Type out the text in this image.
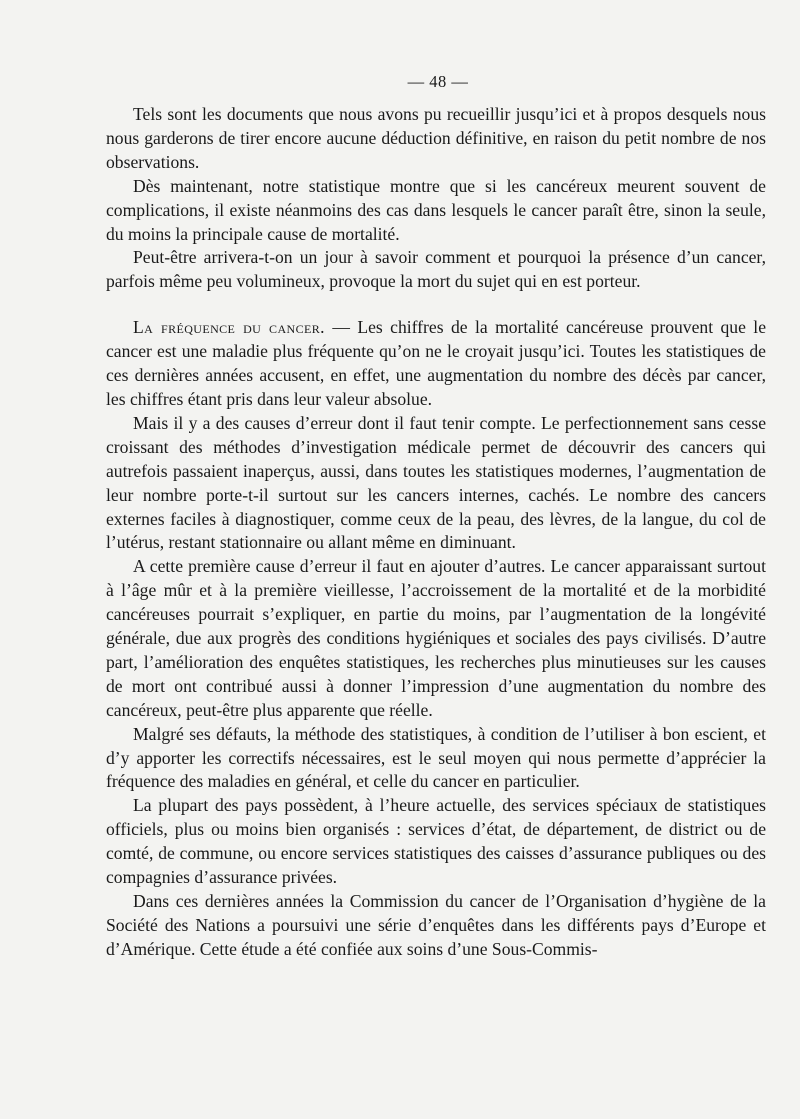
— 48 —

Tels sont les documents que nous avons pu recueillir jusqu’ici et à propos desquels nous nous garderons de tirer encore aucune déduction définitive, en raison du petit nombre de nos observations.

Dès maintenant, notre statistique montre que si les cancéreux meurent souvent de complications, il existe néanmoins des cas dans lesquels le cancer paraît être, sinon la seule, du moins la principale cause de mortalité.

Peut-être arrivera-t-on un jour à savoir comment et pourquoi la présence d’un cancer, parfois même peu volumineux, provoque la mort du sujet qui en est porteur.

La fréquence du cancer. — Les chiffres de la mortalité cancéreuse prouvent que le cancer est une maladie plus fréquente qu’on ne le croyait jusqu’ici. Toutes les statistiques de ces dernières années accusent, en effet, une augmentation du nombre des décès par cancer, les chiffres étant pris dans leur valeur absolue.

Mais il y a des causes d’erreur dont il faut tenir compte. Le perfectionnement sans cesse croissant des méthodes d’investigation médicale permet de découvrir des cancers qui autrefois passaient inaperçus, aussi, dans toutes les statistiques modernes, l’augmentation de leur nombre porte-t-il surtout sur les cancers internes, cachés. Le nombre des cancers externes faciles à diagnostiquer, comme ceux de la peau, des lèvres, de la langue, du col de l’utérus, restant stationnaire ou allant même en diminuant.

A cette première cause d’erreur il faut en ajouter d’autres. Le cancer apparaissant surtout à l’âge mûr et à la première vieillesse, l’accroissement de la mortalité et de la morbidité cancéreuses pourrait s’expliquer, en partie du moins, par l’augmentation de la longévité générale, due aux progrès des conditions hygiéniques et sociales des pays civilisés. D’autre part, l’amélioration des enquêtes statistiques, les recherches plus minutieuses sur les causes de mort ont contribué aussi à donner l’impression d’une augmentation du nombre des cancéreux, peut-être plus apparente que réelle.

Malgré ses défauts, la méthode des statistiques, à condition de l’utiliser à bon escient, et d’y apporter les correctifs nécessaires, est le seul moyen qui nous permette d’apprécier la fréquence des maladies en général, et celle du cancer en particulier.

La plupart des pays possèdent, à l’heure actuelle, des services spéciaux de statistiques officiels, plus ou moins bien organisés : services d’état, de département, de district ou de comté, de commune, ou encore services statistiques des caisses d’assurance publiques ou des compagnies d’assurance privées.

Dans ces dernières années la Commission du cancer de l’Organisation d’hygiène de la Société des Nations a poursuivi une série d’enquêtes dans les différents pays d’Europe et d’Amérique. Cette étude a été confiée aux soins d’une Sous-Commis-
